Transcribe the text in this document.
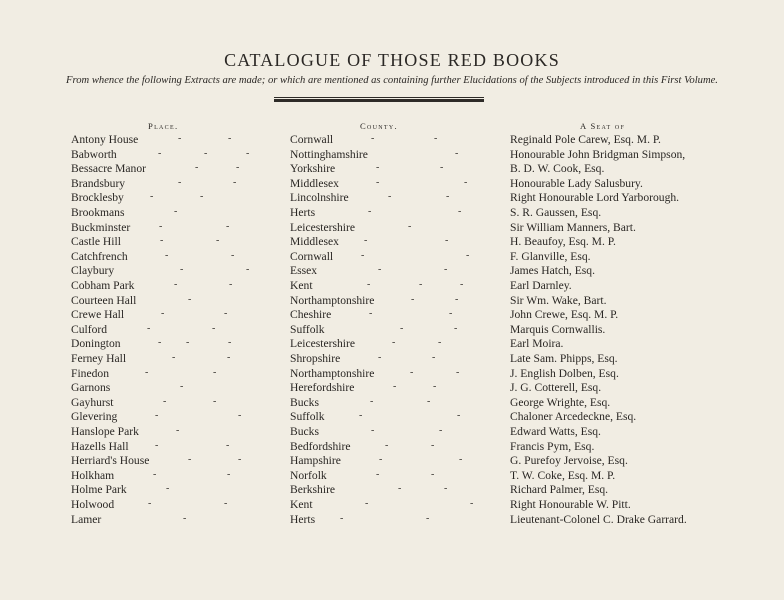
CATALOGUE OF THOSE RED BOOKS
From whence the following Extracts are made; or which are mentioned as containing further Elucidations of the Subjects introduced in this First Volume.
Place.	County.	A Seat of
Antony House	Cornwall	Reginald Pole Carew, Esq. M. P.
-	-	-	-
Babworth	Nottinghamshire	Honourable John Bridgman Simpson,
-	-	-	-
Bessacre Manor	Yorkshire	B. D. W. Cook, Esq.
-	-	-	-
Brandsbury	Middlesex	Honourable Lady Salusbury.
-	-	-	-
Brocklesby	Lincolnshire	Right Honourable Lord Yarborough.
-	-	-	-
Brookmans	Herts	S. R. Gaussen, Esq.
-	-	-
Buckminster	Leicestershire	Sir William Manners, Bart.
-	-	-
Castle Hill	Middlesex	H. Beaufoy, Esq. M. P.
-	-	-	-
Catchfrench	Cornwall	F. Glanville, Esq.
-	-	-	-
Claybury	Essex	James Hatch, Esq.
-	-	-	-
Cobham Park	Kent	Earl Darnley.
-	-	-	-	-
Courteen Hall	Northamptonshire	Sir Wm. Wake, Bart.
-	-	-
Crewe Hall	Cheshire	John Crewe, Esq. M. P.
-	-	-	-
Culford	Suffolk	Marquis Cornwallis.
-	-	-	-
Donington	Leicestershire	Earl Moira.
- -	-	-	-
Ferney Hall	Shropshire	Late Sam. Phipps, Esq.
-	-	-	-
Finedon	Northamptonshire	J. English Dolben, Esq.
-	-	-	-
Garnons	Herefordshire	J. G. Cotterell, Esq.
-	-	-
Gayhurst	Bucks	George Wrighte, Esq.
-	-	-	-
Glevering	Suffolk	Chaloner Arcedeckne, Esq.
-	-	-	-
Hanslope Park	Bucks	Edward Watts, Esq.
-	-	-
Hazells Hall	Bedfordshire	Francis Pym, Esq.
-	-	-	-
Herriard's House	Hampshire	G. Purefoy Jervoise, Esq.
-	-	-	-
Holkham	Norfolk	T. W. Coke, Esq. M. P.
-	-	-	-
Holme Park	Berkshire	Richard Palmer, Esq.
-	-	-
Holwood	Kent	Right Honourable W. Pitt.
-	-	-	-
Lamer	Herts	Lieutenant-Colonel C. Drake Garrard.
-	-	-
